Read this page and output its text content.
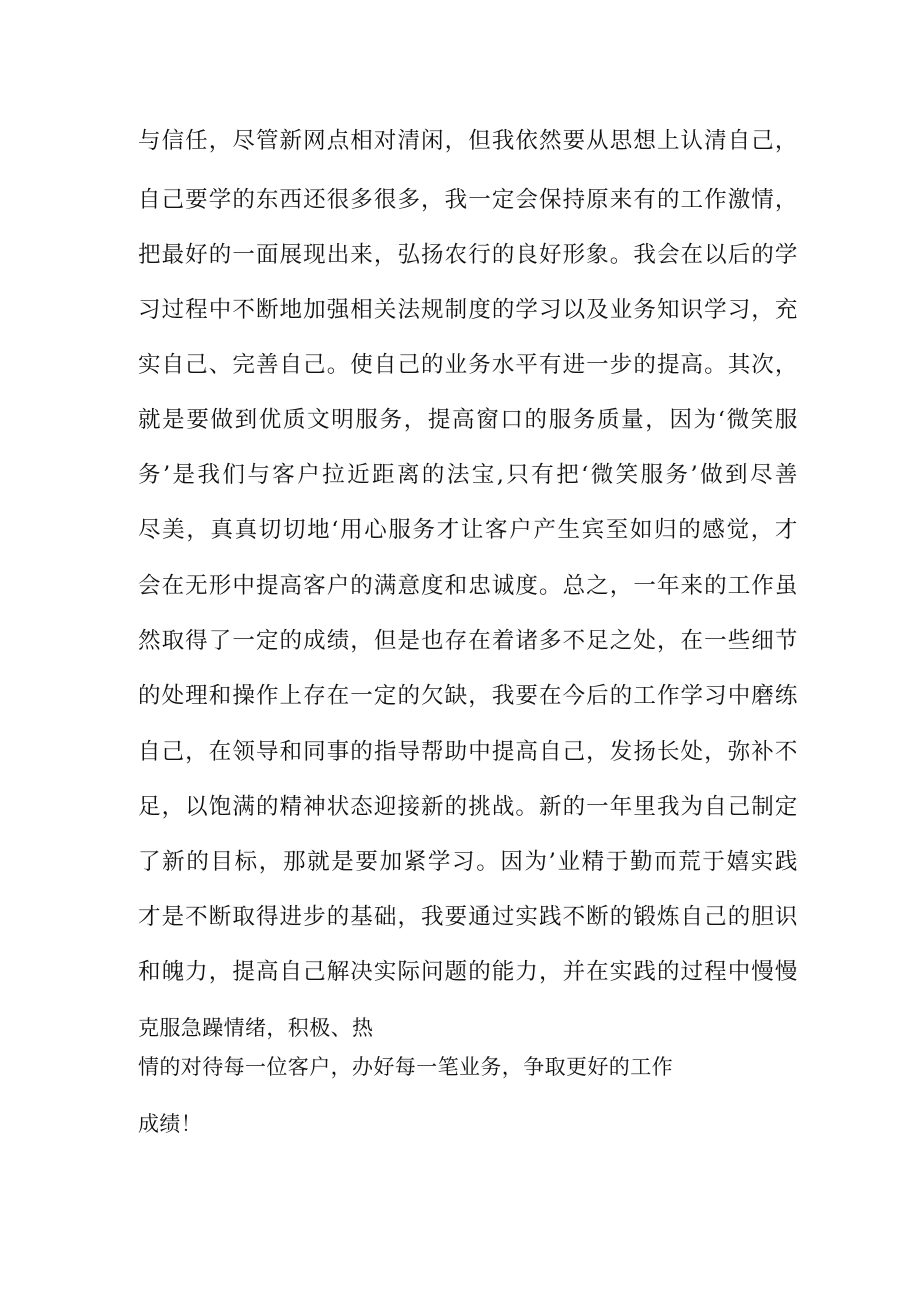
与信任，尽管新网点相对清闲，但我依然要从思想上认清自己，
自己要学的东西还很多很多，我一定会保持原来有的工作激情，
把最好的一面展现出来，弘扬农行的良好形象。我会在以后的学
习过程中不断地加强相关法规制度的学习以及业务知识学习，充
实自己、完善自己。使自己的业务水平有进一步的提高。其次，
就是要做到优质文明服务，提高窗口的服务质量，因为‘微笑服
务’是我们与客户拉近距离的法宝,只有把‘微笑服务’做到尽善
尽美，真真切切地‘用心服务才让客户产生宾至如归的感觉，才
会在无形中提高客户的满意度和忠诚度。总之，一年来的工作虽
然取得了一定的成绩，但是也存在着诸多不足之处，在一些细节
的处理和操作上存在一定的欠缺，我要在今后的工作学习中磨练
自己，在领导和同事的指导帮助中提高自己，发扬长处，弥补不
足，以饱满的精神状态迎接新的挑战。新的一年里我为自己制定
了新的目标，那就是要加紧学习。因为’业精于勤而荒于嬉实践
才是不断取得进步的基础，我要通过实践不断的锻炼自己的胆识
和魄力，提高自己解决实际问题的能力，并在实践的过程中慢慢
克服急躁情绪，积极、热
情的对待每一位客户，办好每一笔业务，争取更好的工作
成绩！
